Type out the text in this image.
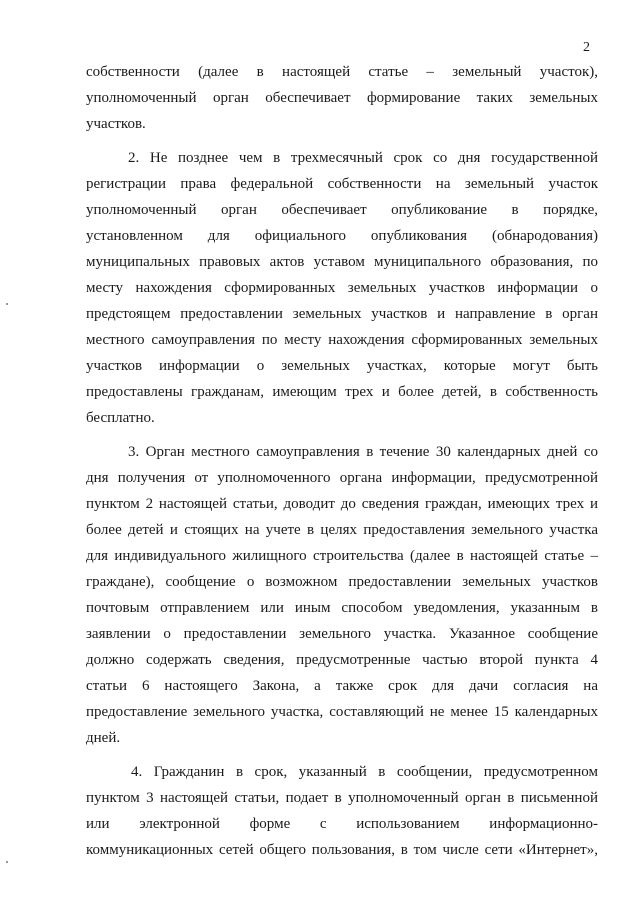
2

собственности (далее в настоящей статье – земельный участок),
уполномоченный орган обеспечивает формирование таких земельных
участков.

2. Не позднее чем в трехмесячный срок со дня государственной
регистрации права федеральной собственности на земельный участок
уполномоченный орган обеспечивает опубликование в порядке,
установленном для официального опубликования (обнародования)
муниципальных правовых актов уставом муниципального образования, по
месту нахождения сформированных земельных участков информации о
предстоящем предоставлении земельных участков и направление в орган
местного самоуправления по месту нахождения сформированных земельных
участков информации о земельных участках, которые могут быть
предоставлены гражданам, имеющим трех и более детей, в собственность
бесплатно.

3. Орган местного самоуправления в течение 30 календарных дней со
дня получения от уполномоченного органа информации, предусмотренной
пунктом 2 настоящей статьи, доводит до сведения граждан, имеющих трех и
более детей и стоящих на учете в целях предоставления земельного участка
для индивидуального жилищного строительства (далее в настоящей статье –
граждане), сообщение о возможном предоставлении земельных участков
почтовым отправлением или иным способом уведомления, указанным в
заявлении о предоставлении земельного участка. Указанное сообщение
должно содержать сведения, предусмотренные частью второй пункта 4
статьи 6 настоящего Закона, а также срок для дачи согласия на
предоставление земельного участка, составляющий не менее 15 календарных
дней.

4. Гражданин в срок, указанный в сообщении, предусмотренном
пунктом 3 настоящей статьи, подает в уполномоченный орган в письменной
или электронной форме с использованием информационно-
коммуникационных сетей общего пользования, в том числе сети «Интернет»,
